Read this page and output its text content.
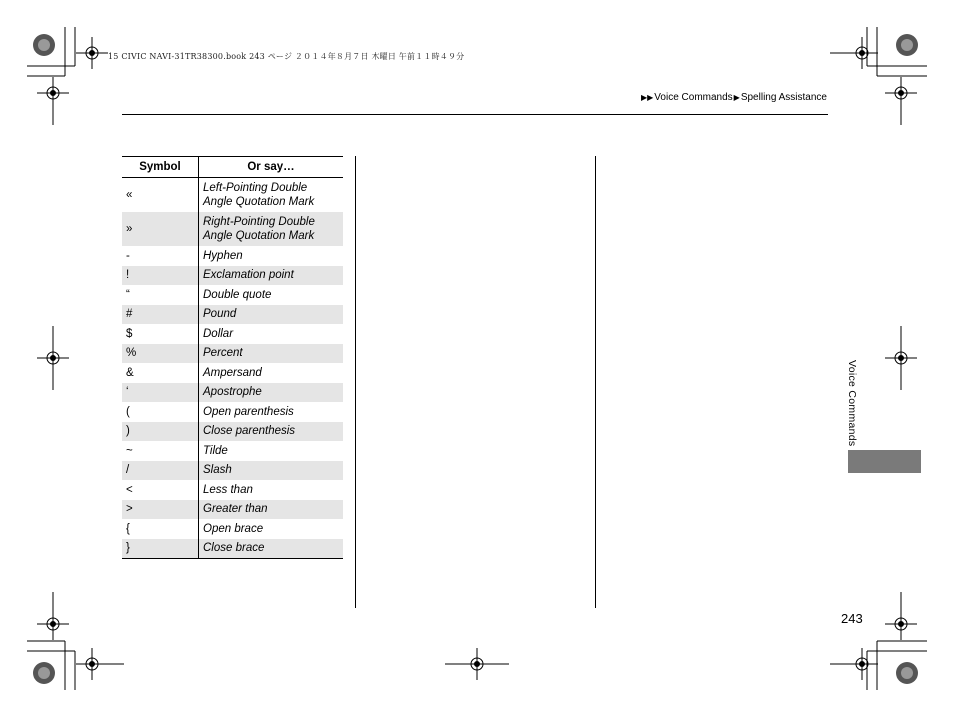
15 CIVIC NAVI-31TR38300.book 243 ページ ２０１４年８月７日 木曜日 午前１１時４９分
▶▶ Voice Commands ▶ Spelling Assistance
Symbol	Or say…
«	Left-Pointing Double Angle Quotation Mark
»	Right-Pointing Double Angle Quotation Mark
-	Hyphen
!	Exclamation point
“	Double quote
#	Pound
$	Dollar
%	Percent
&	Ampersand
‘	Apostrophe
(	Open parenthesis
)	Close parenthesis
~	Tilde
/	Slash
<	Less than
>	Greater than
{	Open brace
}	Close brace
Voice Commands
243
